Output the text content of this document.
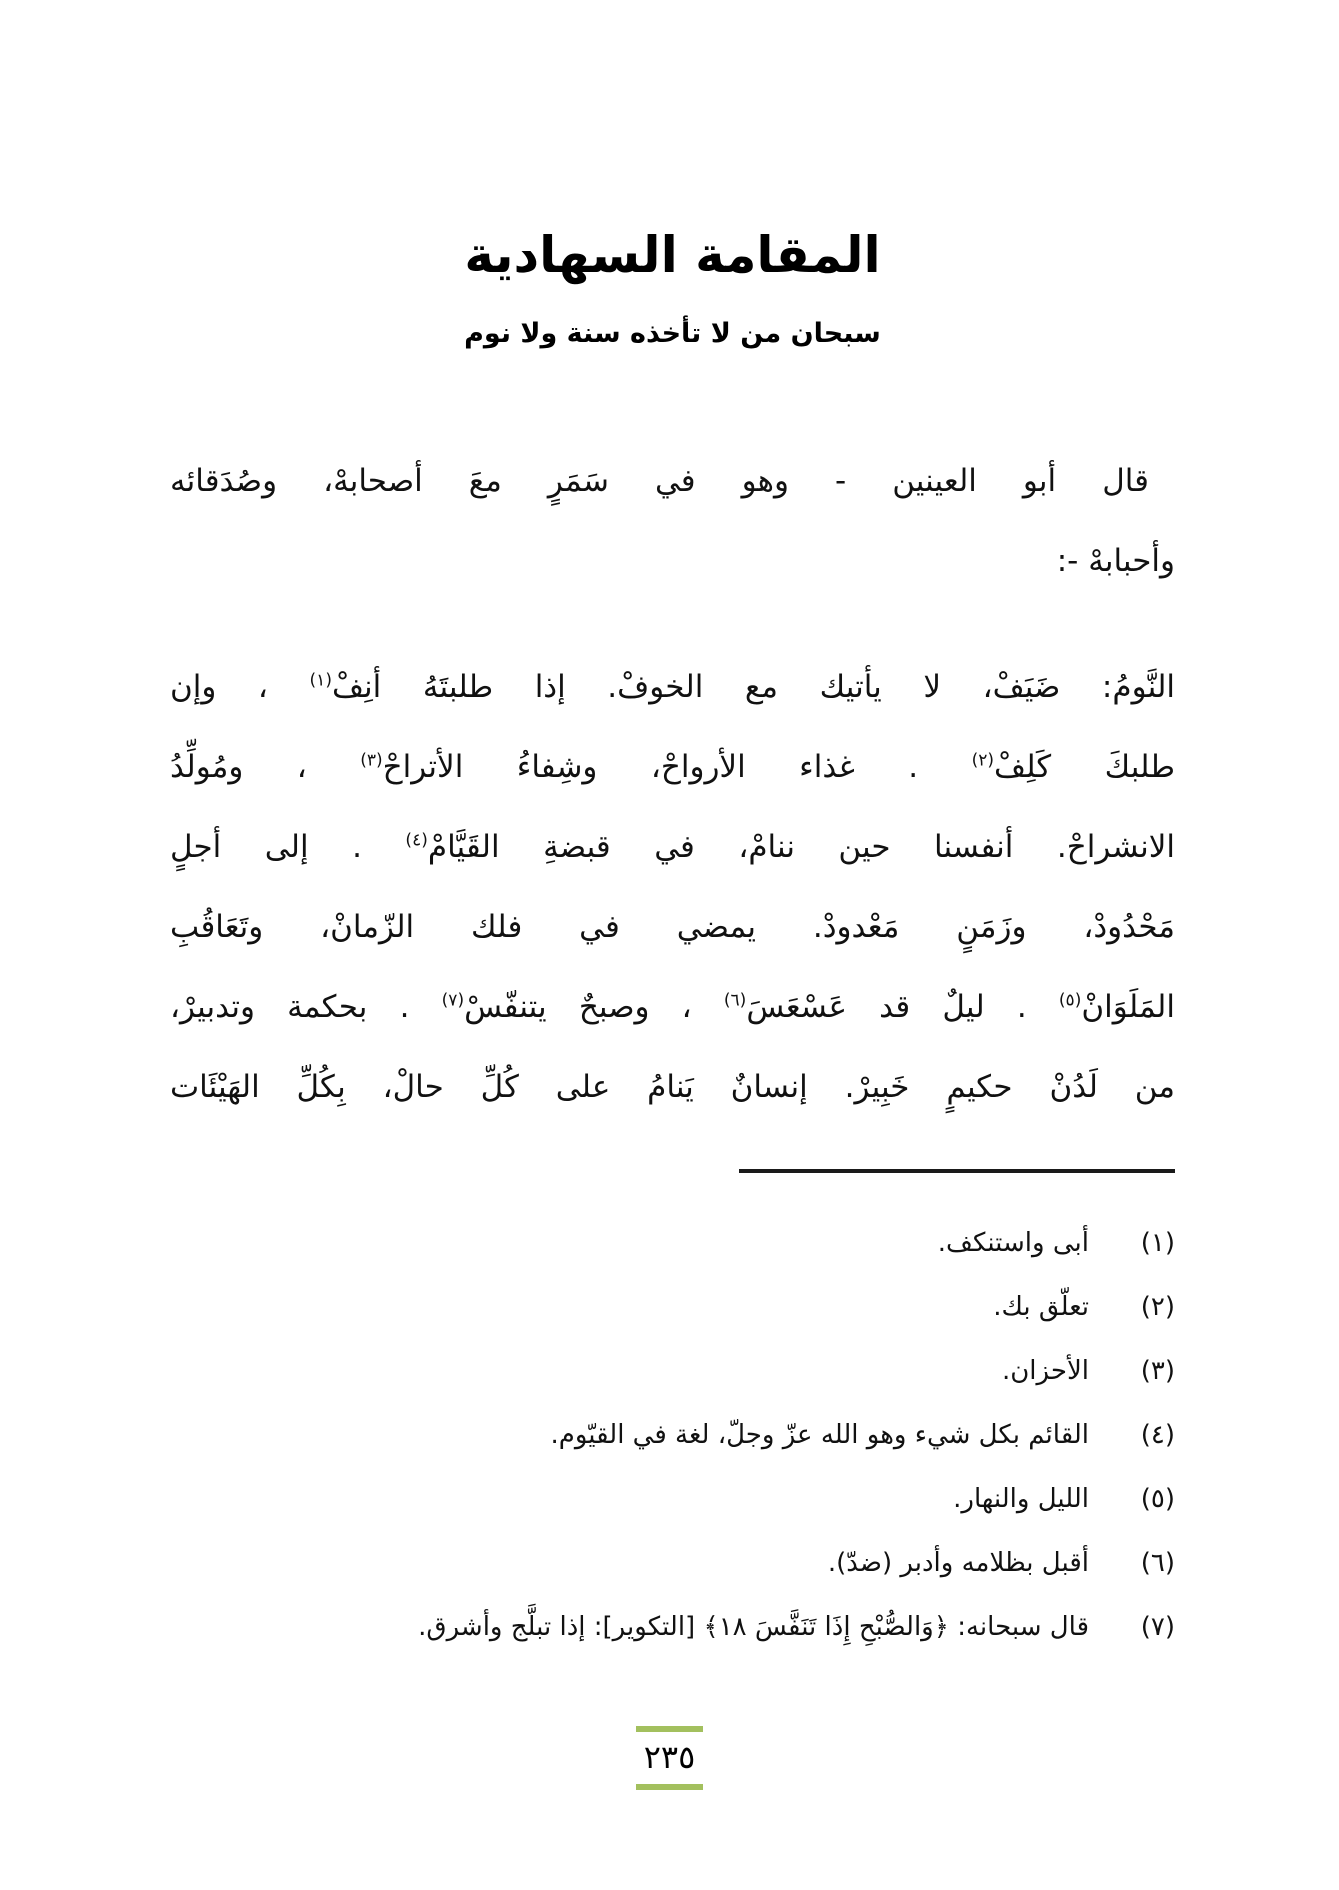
المقامة السهادية
سبحان من لا تأخذه سنة ولا نوم
قال أبو العينين - وهو في سَمَرٍ معَ أصحابهْ، وصُدَقائه
وأحبابهْ -:
النَّومُ: ضَيَفْ، لا يأتيك مع الخوفْ. إذا طلبتَهُ أنِفْ$^{(١)}$ ، وإن
طلبكَ كَلِفْ$^{(٢)}$ . غذاء الأرواحْ، وشِفاءُ الأتراحْ$^{(٣)}$ ، ومُولِّدُ
الانشراحْ. أنفسنا حين ننامْ، في قبضةِ القَيَّامْ$^{(٤)}$ . إلى أجلٍ
مَحْدُودْ، وزَمَنٍ مَعْدودْ. يمضي في فلك الزّمانْ، وتَعَاقُبِ
المَلَوَانْ$^{(٥)}$ . ليلٌ قد عَسْعَسَ$^{(٦)}$ ، وصبحٌ يتنفّسْ$^{(٧)}$ . بحكمة وتدبيرْ،
من لَدُنْ حكيمٍ خَبِيرْ. إنسانٌ يَنامُ على كُلِّ حالْ، بِكُلِّ الهَيْئَات
(١)
أبى واستنكف.
(٢)
تعلّق بك.
(٣)
الأحزان.
(٤)
القائم بكل شيء وهو الله عزّ وجلّ، لغة في القيّوم.
(٥)
الليل والنهار.
(٦)
أقبل بظلامه وأدبر (ضدّ).
(٧)
قال سبحانه: ﴿وَالصُّبْحِ إِذَا تَنَفَّسَ ١٨﴾ [التكوير]: إذا تبلَّج وأشرق.
٢٣٥
